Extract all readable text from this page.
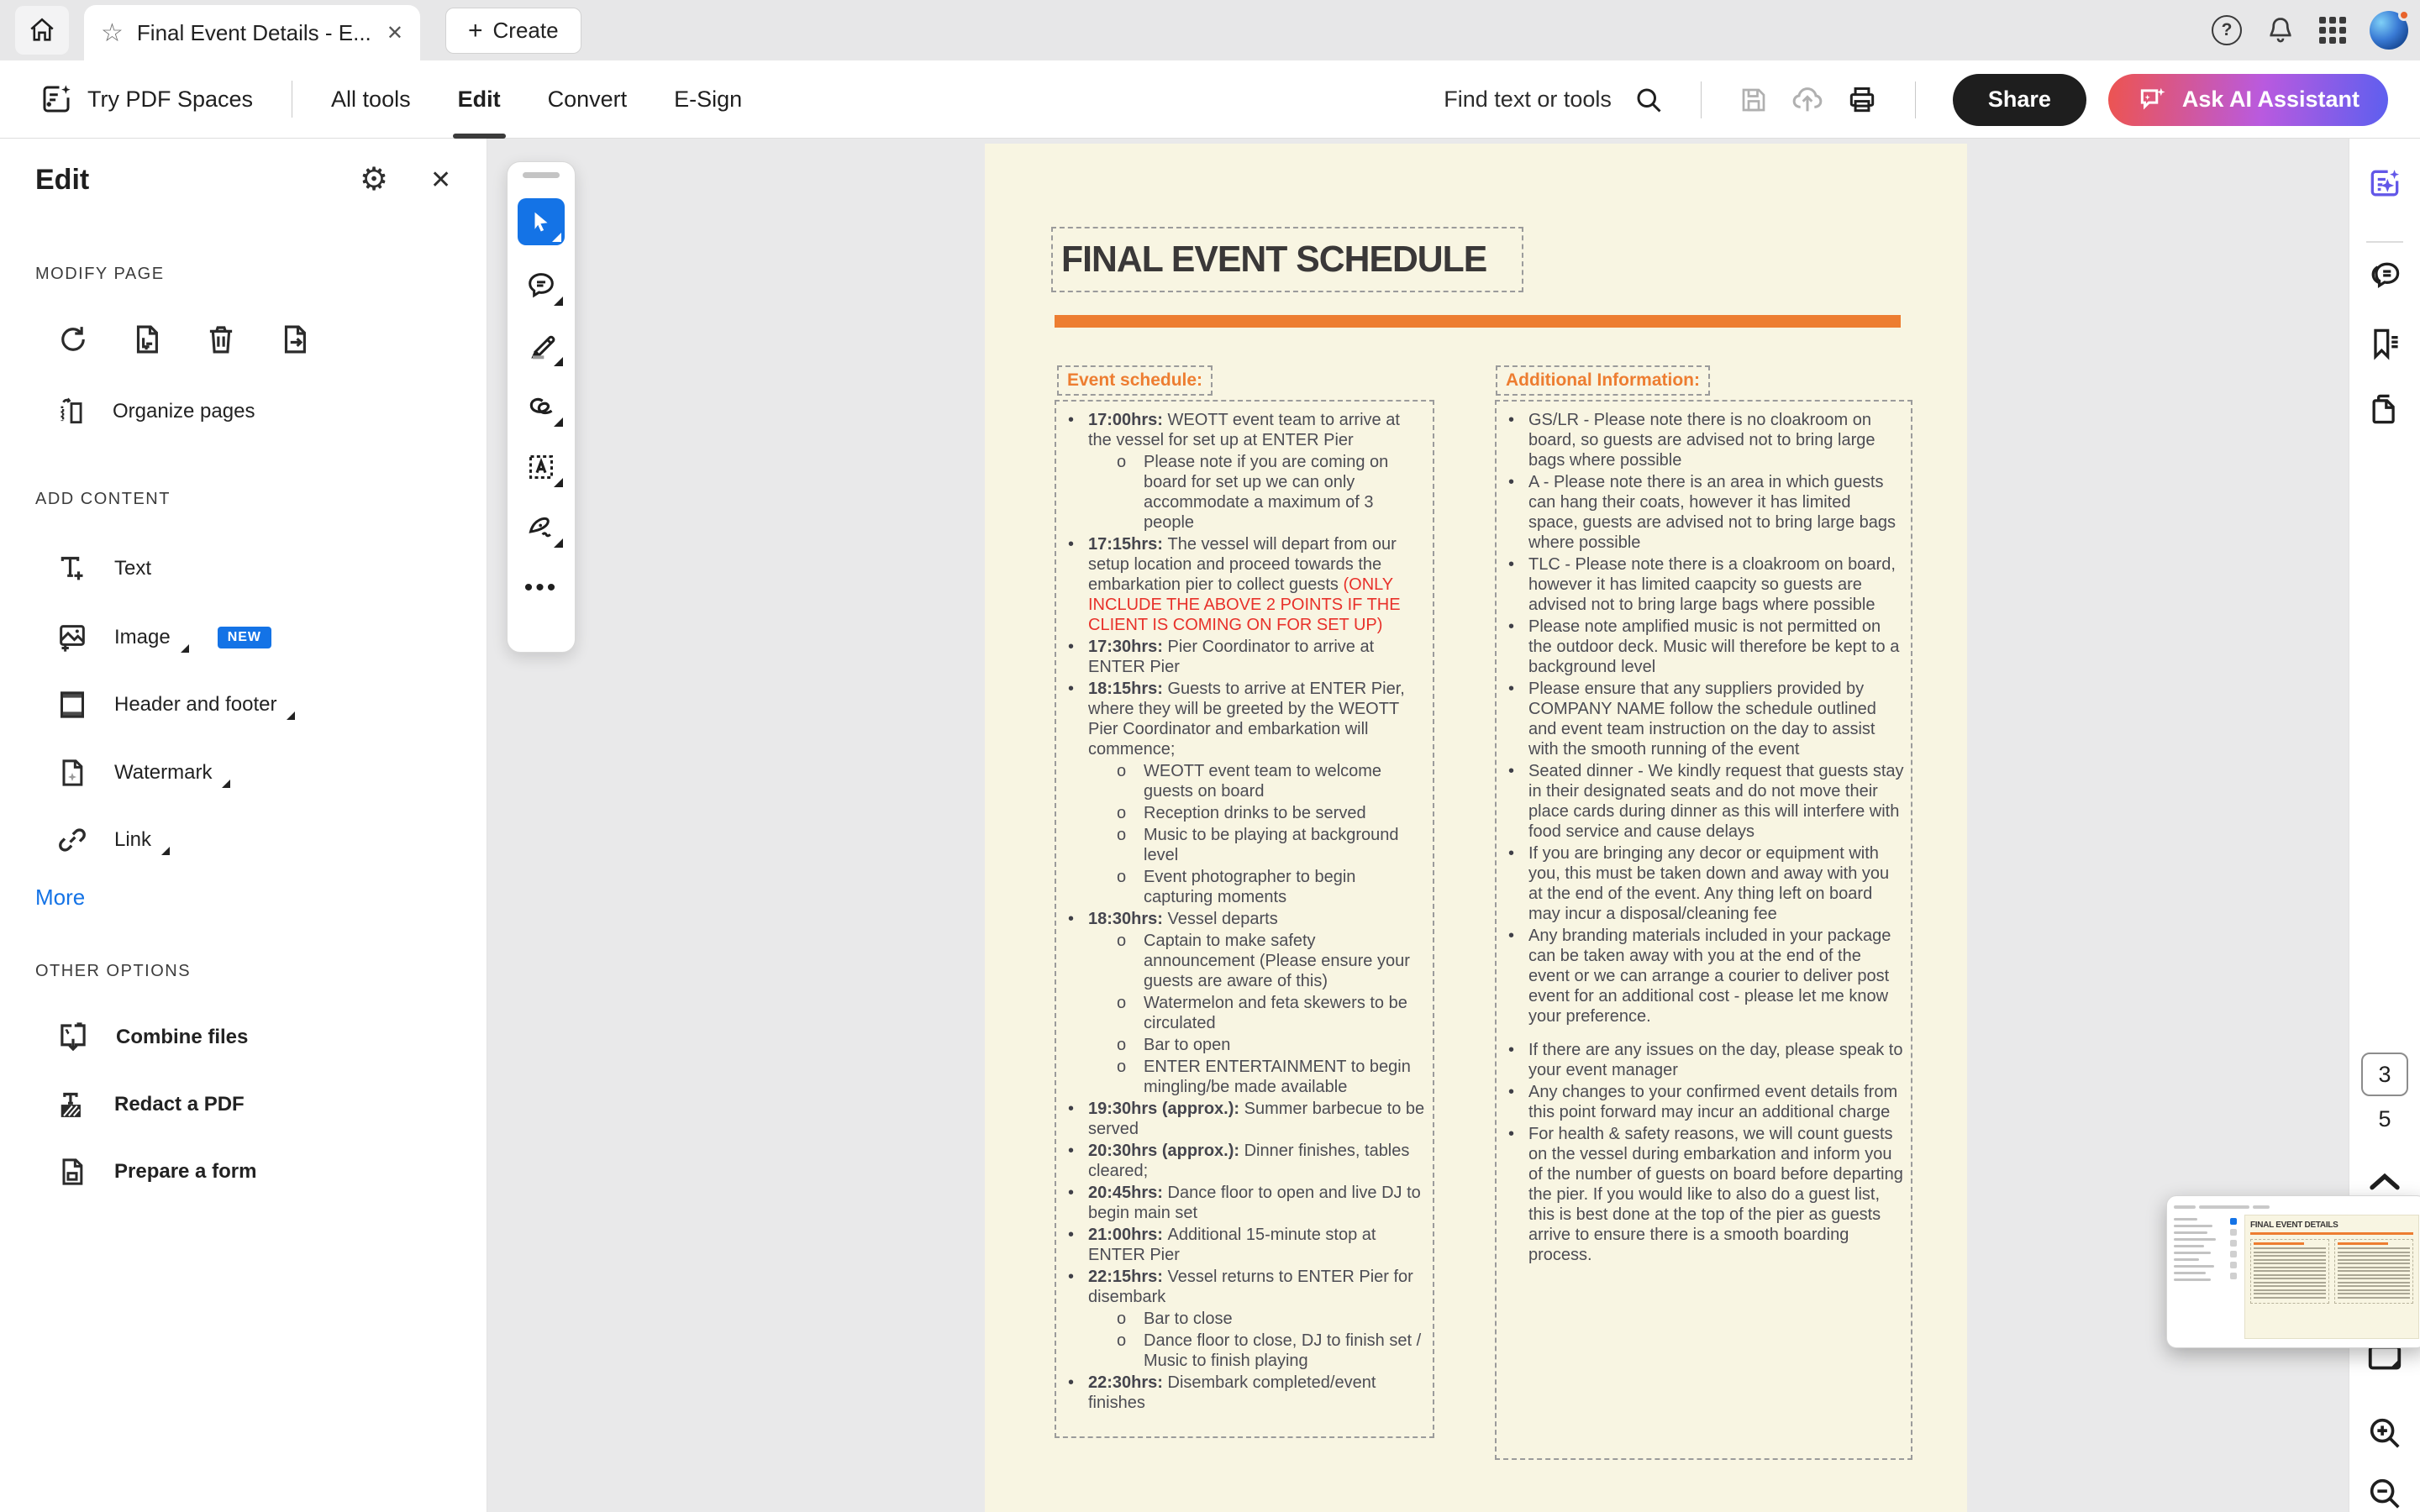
☆ Final Event Details - E... ✕	+ Create	?
Try PDF Spaces	All tools Edit Convert E-Sign	Find text or tools	Share	Ask AI Assistant
Edit	⚙ ✕
MODIFY PAGE
Organize pages
ADD CONTENT
Text
Image	NEW
Header and footer
Watermark
Link
More
OTHER OPTIONS
Combine files
Redact a PDF
Prepare a form
•••
FINAL EVENT SCHEDULE
Event schedule:
• 17:00hrs: WEOTT event team to arrive at the vessel for set up at ENTER Pier
o Please note if you are coming on board for set up we can only accommodate a maximum of 3 people
• 17:15hrs: The vessel will depart from our setup location and proceed towards the embarkation pier to collect guests (ONLY INCLUDE THE ABOVE 2 POINTS IF THE CLIENT IS COMING ON FOR SET UP)
• 17:30hrs: Pier Coordinator to arrive at ENTER Pier
• 18:15hrs: Guests to arrive at ENTER Pier, where they will be greeted by the WEOTT Pier Coordinator and embarkation will commence;
o WEOTT event team to welcome guests on board
o Reception drinks to be served
o Music to be playing at background level
o Event photographer to begin capturing moments
• 18:30hrs: Vessel departs
o Captain to make safety announcement (Please ensure your guests are aware of this)
o Watermelon and feta skewers to be circulated
o Bar to open
o ENTER ENTERTAINMENT to begin mingling/be made available
• 19:30hrs (approx.): Summer barbecue to be served
• 20:30hrs (approx.): Dinner finishes, tables cleared;
• 20:45hrs: Dance floor to open and live DJ to begin main set
• 21:00hrs: Additional 15-minute stop at ENTER Pier
• 22:15hrs: Vessel returns to ENTER Pier for disembark
o Bar to close
o Dance floor to close, DJ to finish set / Music to finish playing
• 22:30hrs: Disembark completed/event finishes
Additional Information:
• GS/LR - Please note there is no cloakroom on board, so guests are advised not to bring large bags where possible
• A - Please note there is an area in which guests can hang their coats, however it has limited space, guests are advised not to bring large bags where possible
• TLC - Please note there is a cloakroom on board, however it has limited caapcity so guests are advised not to bring large bags where possible
• Please note amplified music is not permitted on the outdoor deck. Music will therefore be kept to a background level
• Please ensure that any suppliers provided by COMPANY NAME follow the schedule outlined and event team instruction on the day to assist with the smooth running of the event
• Seated dinner - We kindly request that guests stay in their designated seats and do not move their place cards during dinner as this will interfere with food service and cause delays
• If you are bringing any decor or equipment with you, this must be taken down and away with you at the end of the event. Any thing left on board may incur a disposal/cleaning fee
• Any branding materials included in your package can be taken away with you at the end of the event or we can arrange a courier to deliver post event for an additional cost - please let me know your preference.
• If there are any issues on the day, please speak to your event manager
• Any changes to your confirmed event details from this point forward may incur an additional charge
• For health & safety reasons, we will count guests on the vessel during embarkation and inform you of the number of guests on board before departing the pier. If you would like to also do a guest list, this is best done at the top of the pier as guests arrive to ensure there is a smooth boarding process.
3
5
FINAL EVENT DETAILS
